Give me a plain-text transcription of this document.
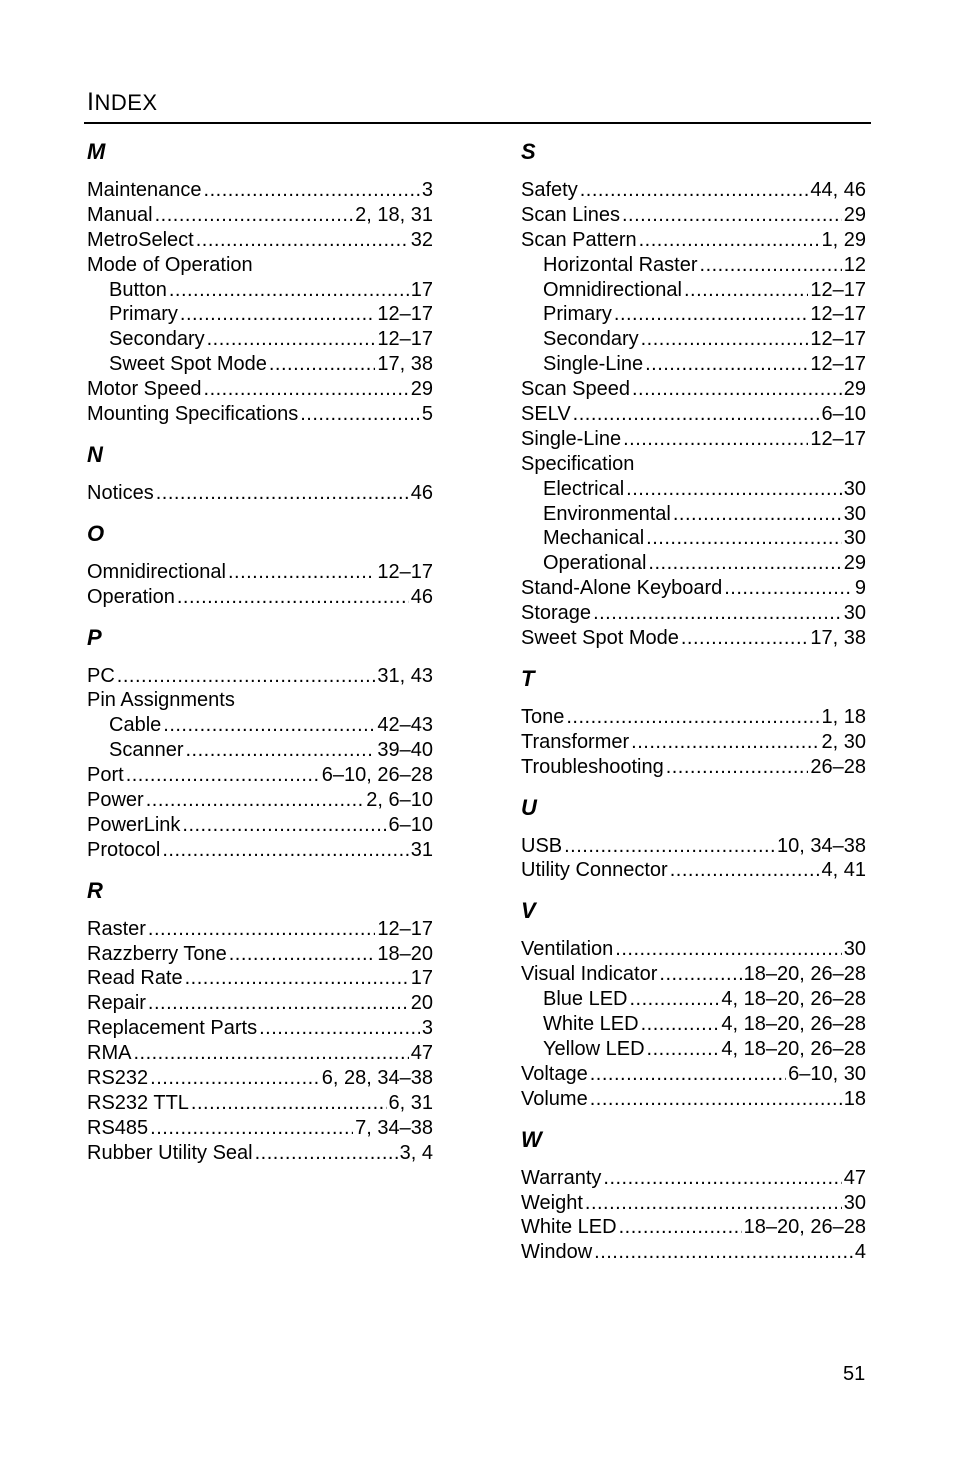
INDEX
M
Maintenance .....	3
Manual .....	2, 18, 31
MetroSelect .....	32
Mode of Operation
Button .....	17
Primary .....	12–17
Secondary .....	12–17
Sweet Spot Mode .....	17, 38
Motor Speed .....	29
Mounting Specifications .....	5
N
Notices .....	46
O
Omnidirectional .....	12–17
Operation .....	46
P
PC .....	31, 43
Pin Assignments
Cable .....	42–43
Scanner .....	39–40
Port .....	6–10, 26–28
Power .....	2, 6–10
PowerLink .....	6–10
Protocol .....	31
R
Raster .....	12–17
Razzberry Tone .....	18–20
Read Rate .....	17
Repair .....	20
Replacement Parts .....	3
RMA .....	47
RS232 .....	6, 28, 34–38
RS232 TTL .....	6, 31
RS485 .....	7, 34–38
Rubber Utility Seal .....	3, 4
S
Safety .....	44, 46
Scan Lines .....	29
Scan Pattern .....	1, 29
Horizontal Raster .....	12
Omnidirectional .....	12–17
Primary .....	12–17
Secondary .....	12–17
Single-Line .....	12–17
Scan Speed .....	29
SELV .....	6–10
Single-Line .....	12–17
Specification
Electrical .....	30
Environmental .....	30
Mechanical .....	30
Operational .....	29
Stand-Alone Keyboard .....	9
Storage .....	30
Sweet Spot Mode .....	17, 38
T
Tone .....	1, 18
Transformer .....	2, 30
Troubleshooting .....	26–28
U
USB .....	10, 34–38
Utility Connector .....	4, 41
V
Ventilation .....	30
Visual Indicator .....	18–20, 26–28
Blue LED .....	4, 18–20, 26–28
White LED .....	4, 18–20, 26–28
Yellow LED .....	4, 18–20, 26–28
Voltage .....	6–10, 30
Volume .....	18
W
Warranty .....	47
Weight .....	30
White LED .....	18–20, 26–28
Window .....	4
51
